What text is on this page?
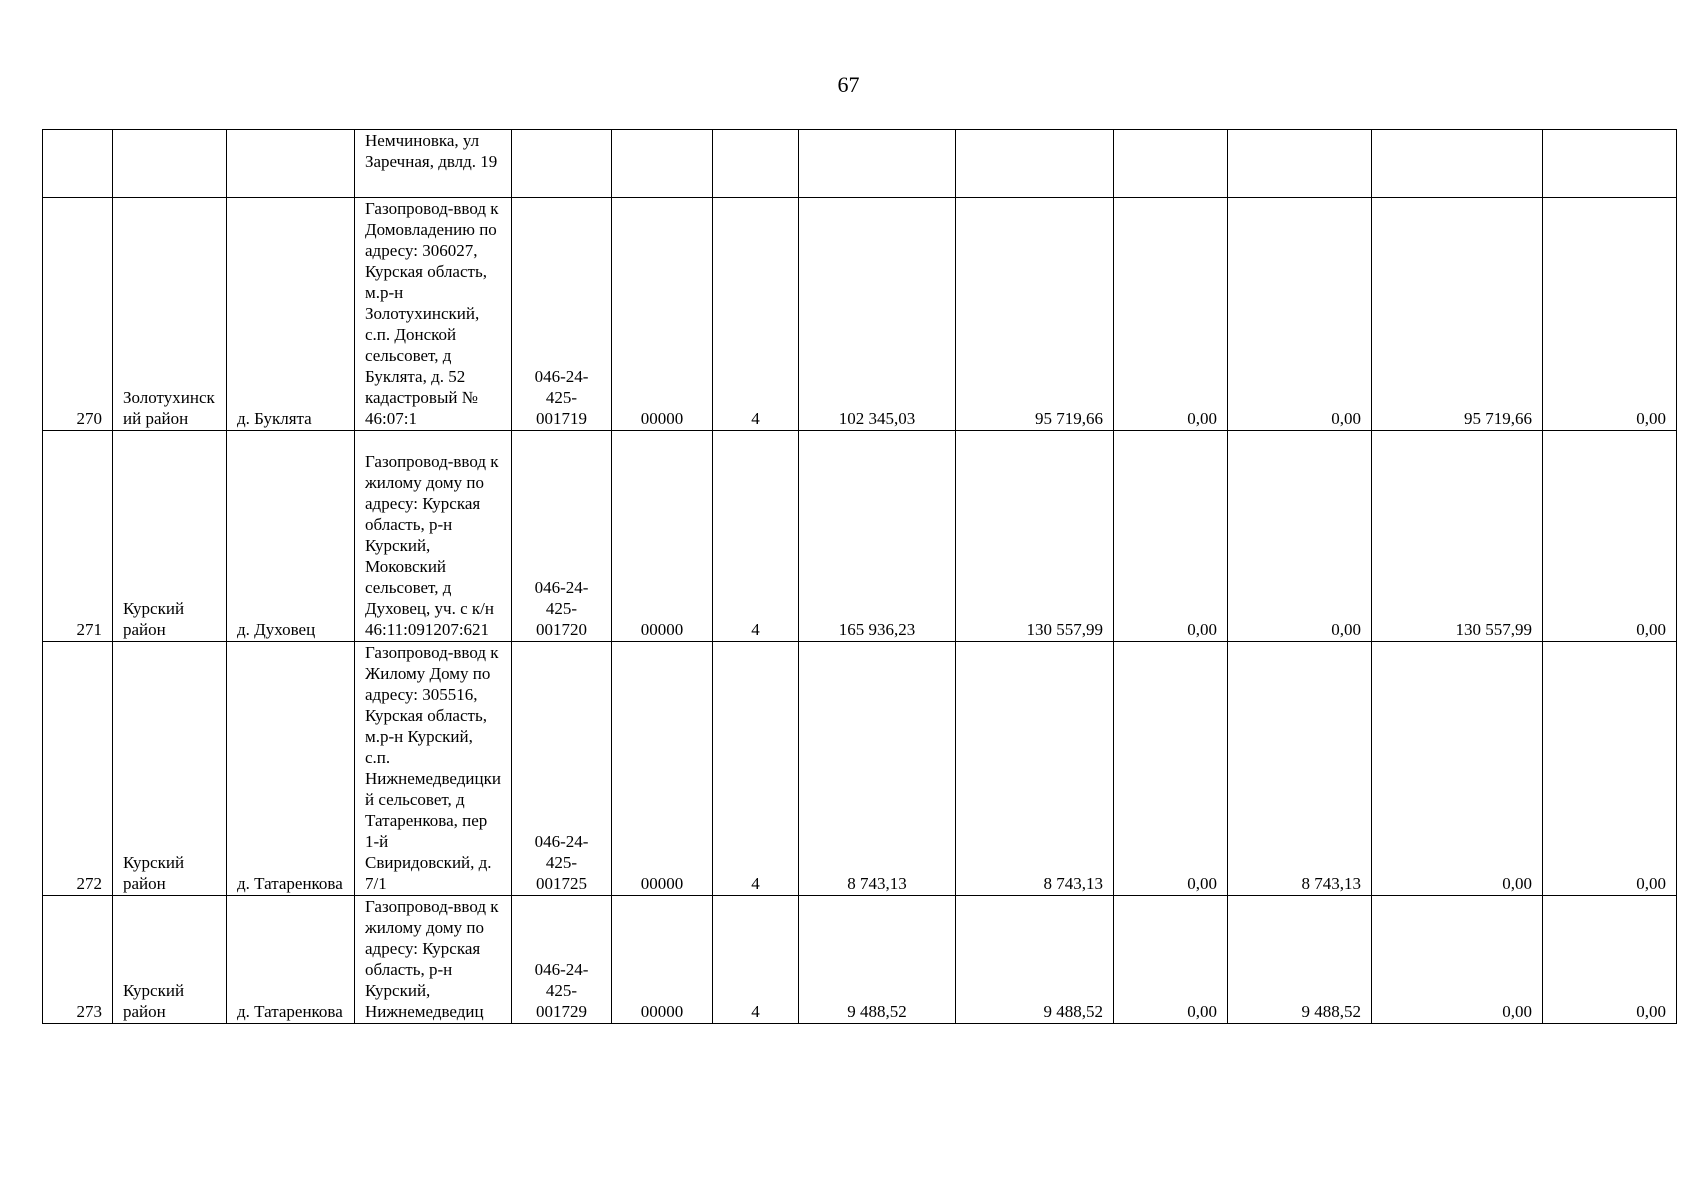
67
			Немчиновка, ул Заречная, двлд. 19									
270	Золотухинский район	д. Буклята	Газопровод-ввод к Домовладению по адресу: 306027, Курская область, м.р-н Золотухинский, с.п. Донской сельсовет, д Буклята, д. 52 кадастровый № 46:07:1	046-24-425-001719	00000	4	102 345,03	95 719,66	0,00	0,00	95 719,66	0,00
271	Курский район	д. Духовец	Газопровод-ввод к жилому дому по адресу: Курская область, р-н Курский, Моковский сельсовет, д Духовец, уч. с к/н 46:11:091207:621	046-24-425-001720	00000	4	165 936,23	130 557,99	0,00	0,00	130 557,99	0,00
272	Курский район	д. Татаренкова	Газопровод-ввод к Жилому Дому по адресу: 305516, Курская область, м.р-н Курский, с.п. Нижнемедведицкий сельсовет, д Татаренкова, пер 1-й Свиридовский, д. 7/1	046-24-425-001725	00000	4	8 743,13	8 743,13	0,00	8 743,13	0,00	0,00
273	Курский район	д. Татаренкова	Газопровод-ввод к жилому дому по адресу: Курская область, р-н Курский, Нижнемедведиц	046-24-425-001729	00000	4	9 488,52	9 488,52	0,00	9 488,52	0,00	0,00
